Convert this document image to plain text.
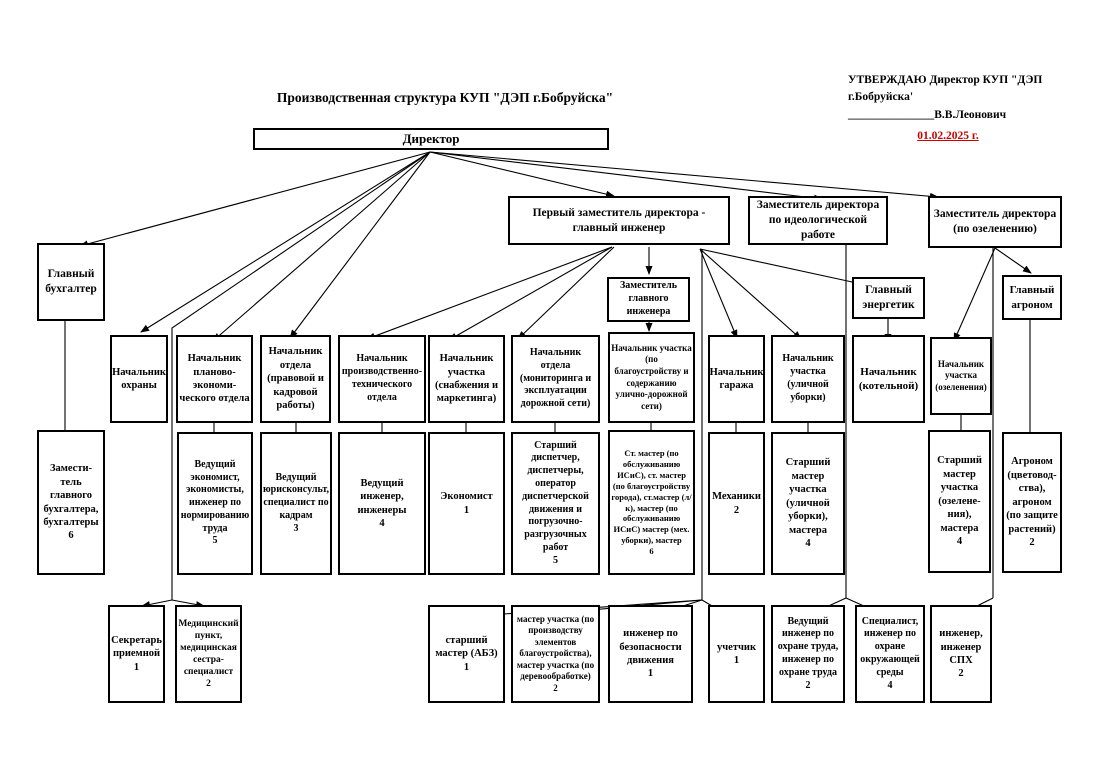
Производственная структура КУП "ДЭП г.Бобруйска"
УТВЕРЖДАЮ Директор КУП "ДЭП г.Бобруйска' _______________В.В.Леонович
01.02.2025 г.
Директор
Главный бухгалтер
Первый заместитель директора - главный инженер
Заместитель директора по идеологической работе
Заместитель директора (по озеленению)
Заместитель главного инженера
Главный энергетик
Главный агроном
Начальник охраны
Начальник планово-экономи-ческого отдела
Начальник отдела (правовой и кадровой работы)
Начальник производственно-технического отдела
Начальник участка (снабжения и маркетинга)
Начальник отдела (мониторинга и эксплуатации дорожной сети)
Начальник участка (по благоустройству и содержанию улично-дорожной сети)
Начальник гаража
Начальник участка (уличной уборки)
Начальник (котельной)
Начальник участка (озеленения)
Замести-тель главного бухгалтера, бухгалтеры
6
Ведущий экономист, экономисты, инженер по нормированию труда
5
Ведущий юрисконсульт, специалист по кадрам
3
Ведущий инженер, инженеры
4
Экономист
1
Старший диспетчер, диспетчеры, оператор диспетчерской движения и погрузочно-разгрузочных работ
5
Ст. мастер (по обслуживанию ИСиС), ст. мастер (по благоустройству города), ст.мастер (л/к), мастер (по обслуживанию ИСиС) мастер (мех. уборки), мастер
6
Механики
2
Старший мастер участка (уличной уборки), мастера
4
Старший мастер участка (озелене-ния), мастера
4
Агроном (цветовод-ства), агроном (по защите растений)
2
Секретарь приемной
1
Медицинский пункт, медицинская сестра-специалист
2
старший мастер (АБЗ)
1
мастер участка (по производству элементов благоустройства), мастер участка (по деревообработке)
2
инженер по безопасности движения
1
учетчик
1
Ведущий инженер по охране труда, инженер по охране труда
2
Специалист, инженер по охране окружающей среды
4
инженер, инженер СПХ
2
